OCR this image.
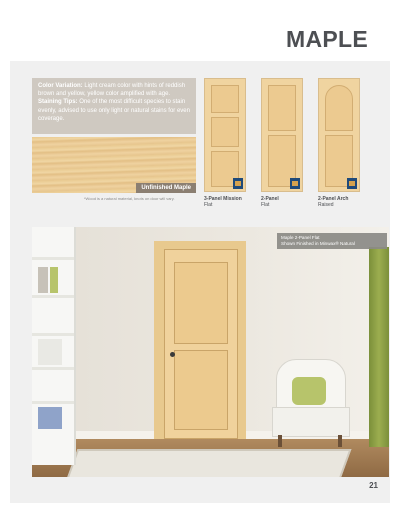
MAPLE
Color Variation: Light cream color with hints of reddish brown and yellow, yellow color amplified with age.
Staining Tips: One of the most difficult species to stain evenly, advised to use only light or natural stains for even coverage.
Unfinished Maple
*Wood is a natural material, knots on door will vary.	3-Panel Mission
Flat
2-Panel
Flat
2-Panel Arch
Raised
Maple 2-Panel Flat
Shown Finished in Minwax® Natural
21
